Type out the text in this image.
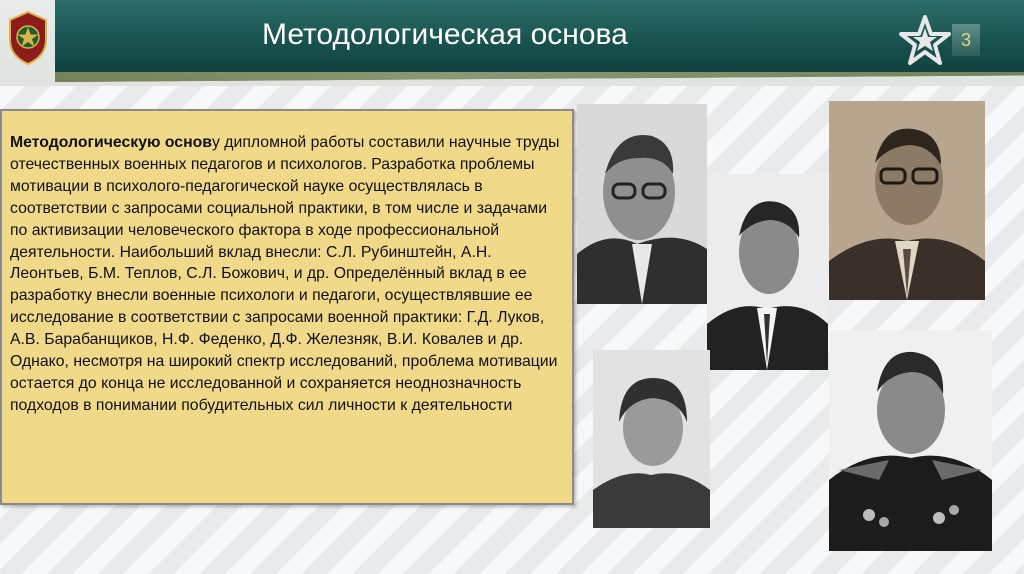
Методологическая основа	3

Методологическую основу дипломной работы составили научные труды отечественных военных педагогов и психологов. Разработка проблемы мотивации в психолого-педагогической науке осуществлялась в соответствии с запросами социальной практики, в том числе и задачами по активизации человеческого фактора в ходе профессиональной деятельности. Наибольший вклад внесли: С.Л. Рубинштейн, А.Н. Леонтьев, Б.М. Теплов, С.Л. Божович, и др. Определённый вклад в ее разработку внесли военные психологи и педагоги, осуществлявшие ее исследование в соответствии с запросами военной практики: Г.Д. Луков, А.В. Барабанщиков, Н.Ф. Феденко, Д.Ф. Железняк, В.И. Ковалев и др. Однако, несмотря на широкий спектр исследований, проблема мотивации остается до конца не исследованной и сохраняется неоднозначность подходов в понимании побудительных сил личности к деятельности
